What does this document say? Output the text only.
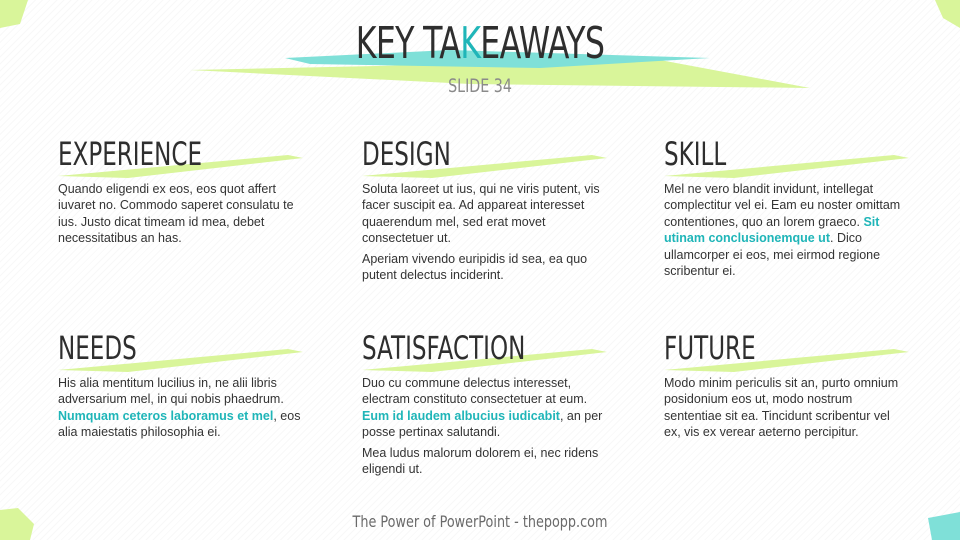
KEY TAKEAWAYS
SLIDE 34
EXPERIENCE

Quando eligendi ex eos, eos quot affert iuvaret no. Commodo saperet consulatu te ius. Justo dicat timeam id mea, debet necessitatibus an has.

DESIGN

Soluta laoreet ut ius, qui ne viris putent, vis facer suscipit ea. Ad appareat interesset quaerendum mel, sed erat movet consectetuer ut.

Aperiam vivendo euripidis id sea, ea quo putent delectus inciderint.

SKILL

Mel ne vero blandit invidunt, intellegat complectitur vel ei. Eam eu noster omittam contentiones, quo an lorem graeco. Sit utinam conclusionemque ut. Dico ullamcorper ei eos, mei eirmod regione scribentur ei.

NEEDS

His alia mentitum lucilius in, ne alii libris adversarium mel, in qui nobis phaedrum. Numquam ceteros laboramus et mel, eos alia maiestatis philosophia ei.

SATISFACTION

Duo cu commune delectus interesset, electram constituto consectetuer at eum. Eum id laudem albucius iudicabit, an per posse pertinax salutandi.

Mea ludus malorum dolorem ei, nec ridens eligendi ut.

FUTURE

Modo minim periculis sit an, purto omnium posidonium eos ut, modo nostrum sententiae sit ea. Tincidunt scribentur vel ex, vis ex verear aeterno percipitur.

The Power of PowerPoint - thepopp.com
